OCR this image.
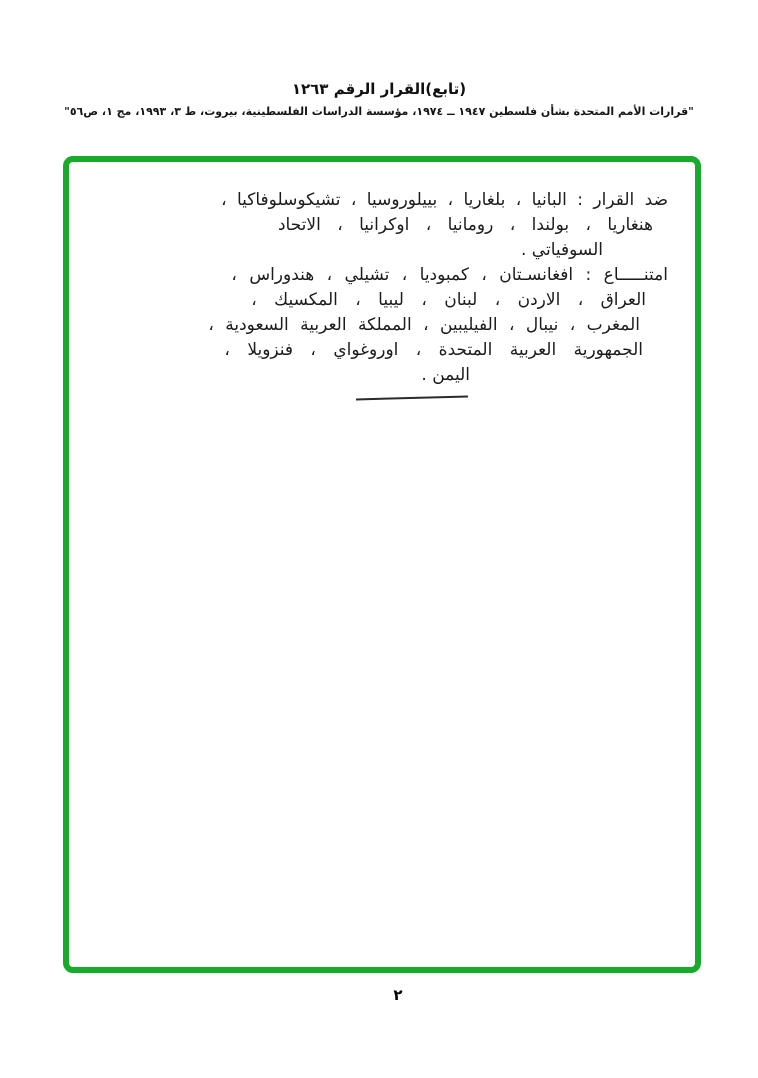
(تابع)القرار الرقم ١٢٦٣
"قرارات الأمم المتحدة بشأن فلسطين ١٩٤٧ ــ ١٩٧٤، مؤسسة الدراسات الفلسطينية، بيروت، ط ٣، ١٩٩٣، مج ١، ص٥٦"
ضد القرار : البانيا ، بلغاريا ، بييلوروسيا ، تشيكوسلوفاكيا ،
هنغاريا ، بولندا ، رومانيا ، اوكرانيا ، الاتحاد
السوفياتي .
امتنـــــاع : افغانسـتان ، كمبوديا ، تشيلي ، هندوراس ،
العراق ، الاردن ، لبنان ، ليبيا ، المكسيك ،
المغرب ، نيبال ، الفيليبين ، المملكة العربية السعودية ،
الجمهورية العربية المتحدة ، اوروغواي ، فنزويلا ،
اليمن .
٢
